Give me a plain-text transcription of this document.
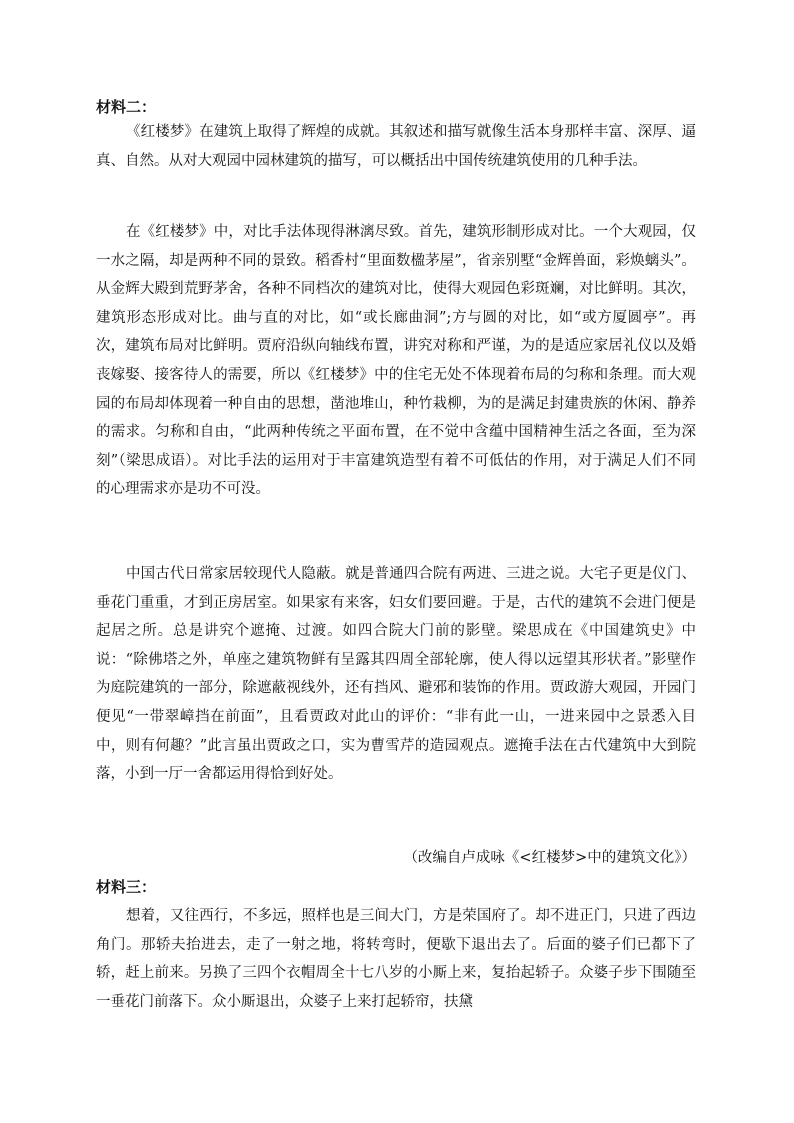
材料二：

《红楼梦》在建筑上取得了辉煌的成就。其叙述和描写就像生活本身那样丰富、深厚、逼真、自然。从对大观园中园林建筑的描写，可以概括出中国传统建筑使用的几种手法。

在《红楼梦》中，对比手法体现得淋漓尽致。首先，建筑形制形成对比。一个大观园，仅一水之隔，却是两种不同的景致。稻香村“里面数楹茅屋”，省亲别墅“金辉兽面，彩焕螭头”。从金辉大殿到荒野茅舍，各种不同档次的建筑对比，使得大观园色彩斑斓，对比鲜明。其次，建筑形态形成对比。曲与直的对比，如“或长廊曲洞”;方与圆的对比，如“或方厦圆亭”。再次，建筑布局对比鲜明。贾府沿纵向轴线布置，讲究对称和严谨，为的是适应家居礼仪以及婚丧嫁娶、接客待人的需要，所以《红楼梦》中的住宅无处不体现着布局的匀称和条理。而大观园的布局却体现着一种自由的思想，凿池堆山，种竹栽柳，为的是满足封建贵族的休闲、静养的需求。匀称和自由，“此两种传统之平面布置，在不觉中含蕴中国精神生活之各面，至为深刻”（梁思成语）。对比手法的运用对于丰富建筑造型有着不可低估的作用，对于满足人们不同的心理需求亦是功不可没。

中国古代日常家居较现代人隐蔽。就是普通四合院有两进、三进之说。大宅子更是仪门、垂花门重重，才到正房居室。如果家有来客，妇女们要回避。于是，古代的建筑不会进门便是起居之所。总是讲究个遮掩、过渡。如四合院大门前的影壁。梁思成在《中国建筑史》中说：“除佛塔之外，单座之建筑物鲜有呈露其四周全部轮廓，使人得以远望其形状者。”影壁作为庭院建筑的一部分，除遮蔽视线外，还有挡风、避邪和装饰的作用。贾政游大观园，开园门便见“一带翠嶂挡在前面”，且看贾政对此山的评价：“非有此一山，一进来园中之景悉入目中，则有何趣？”此言虽出贾政之口，实为曹雪芹的造园观点。遮掩手法在古代建筑中大到院落，小到一厅一舍都运用得恰到好处。

（改编自卢成咏《<红楼梦>中的建筑文化》）
材料三：

想着，又往西行，不多远，照样也是三间大门，方是荣国府了。却不进正门，只进了西边角门。那轿夫抬进去，走了一射之地，将转弯时，便歇下退出去了。后面的婆子们已都下了轿，赶上前来。另换了三四个衣帽周全十七八岁的小厮上来，复抬起轿子。众婆子步下围随至一垂花门前落下。众小厮退出，众婆子上来打起轿帘，扶黛
